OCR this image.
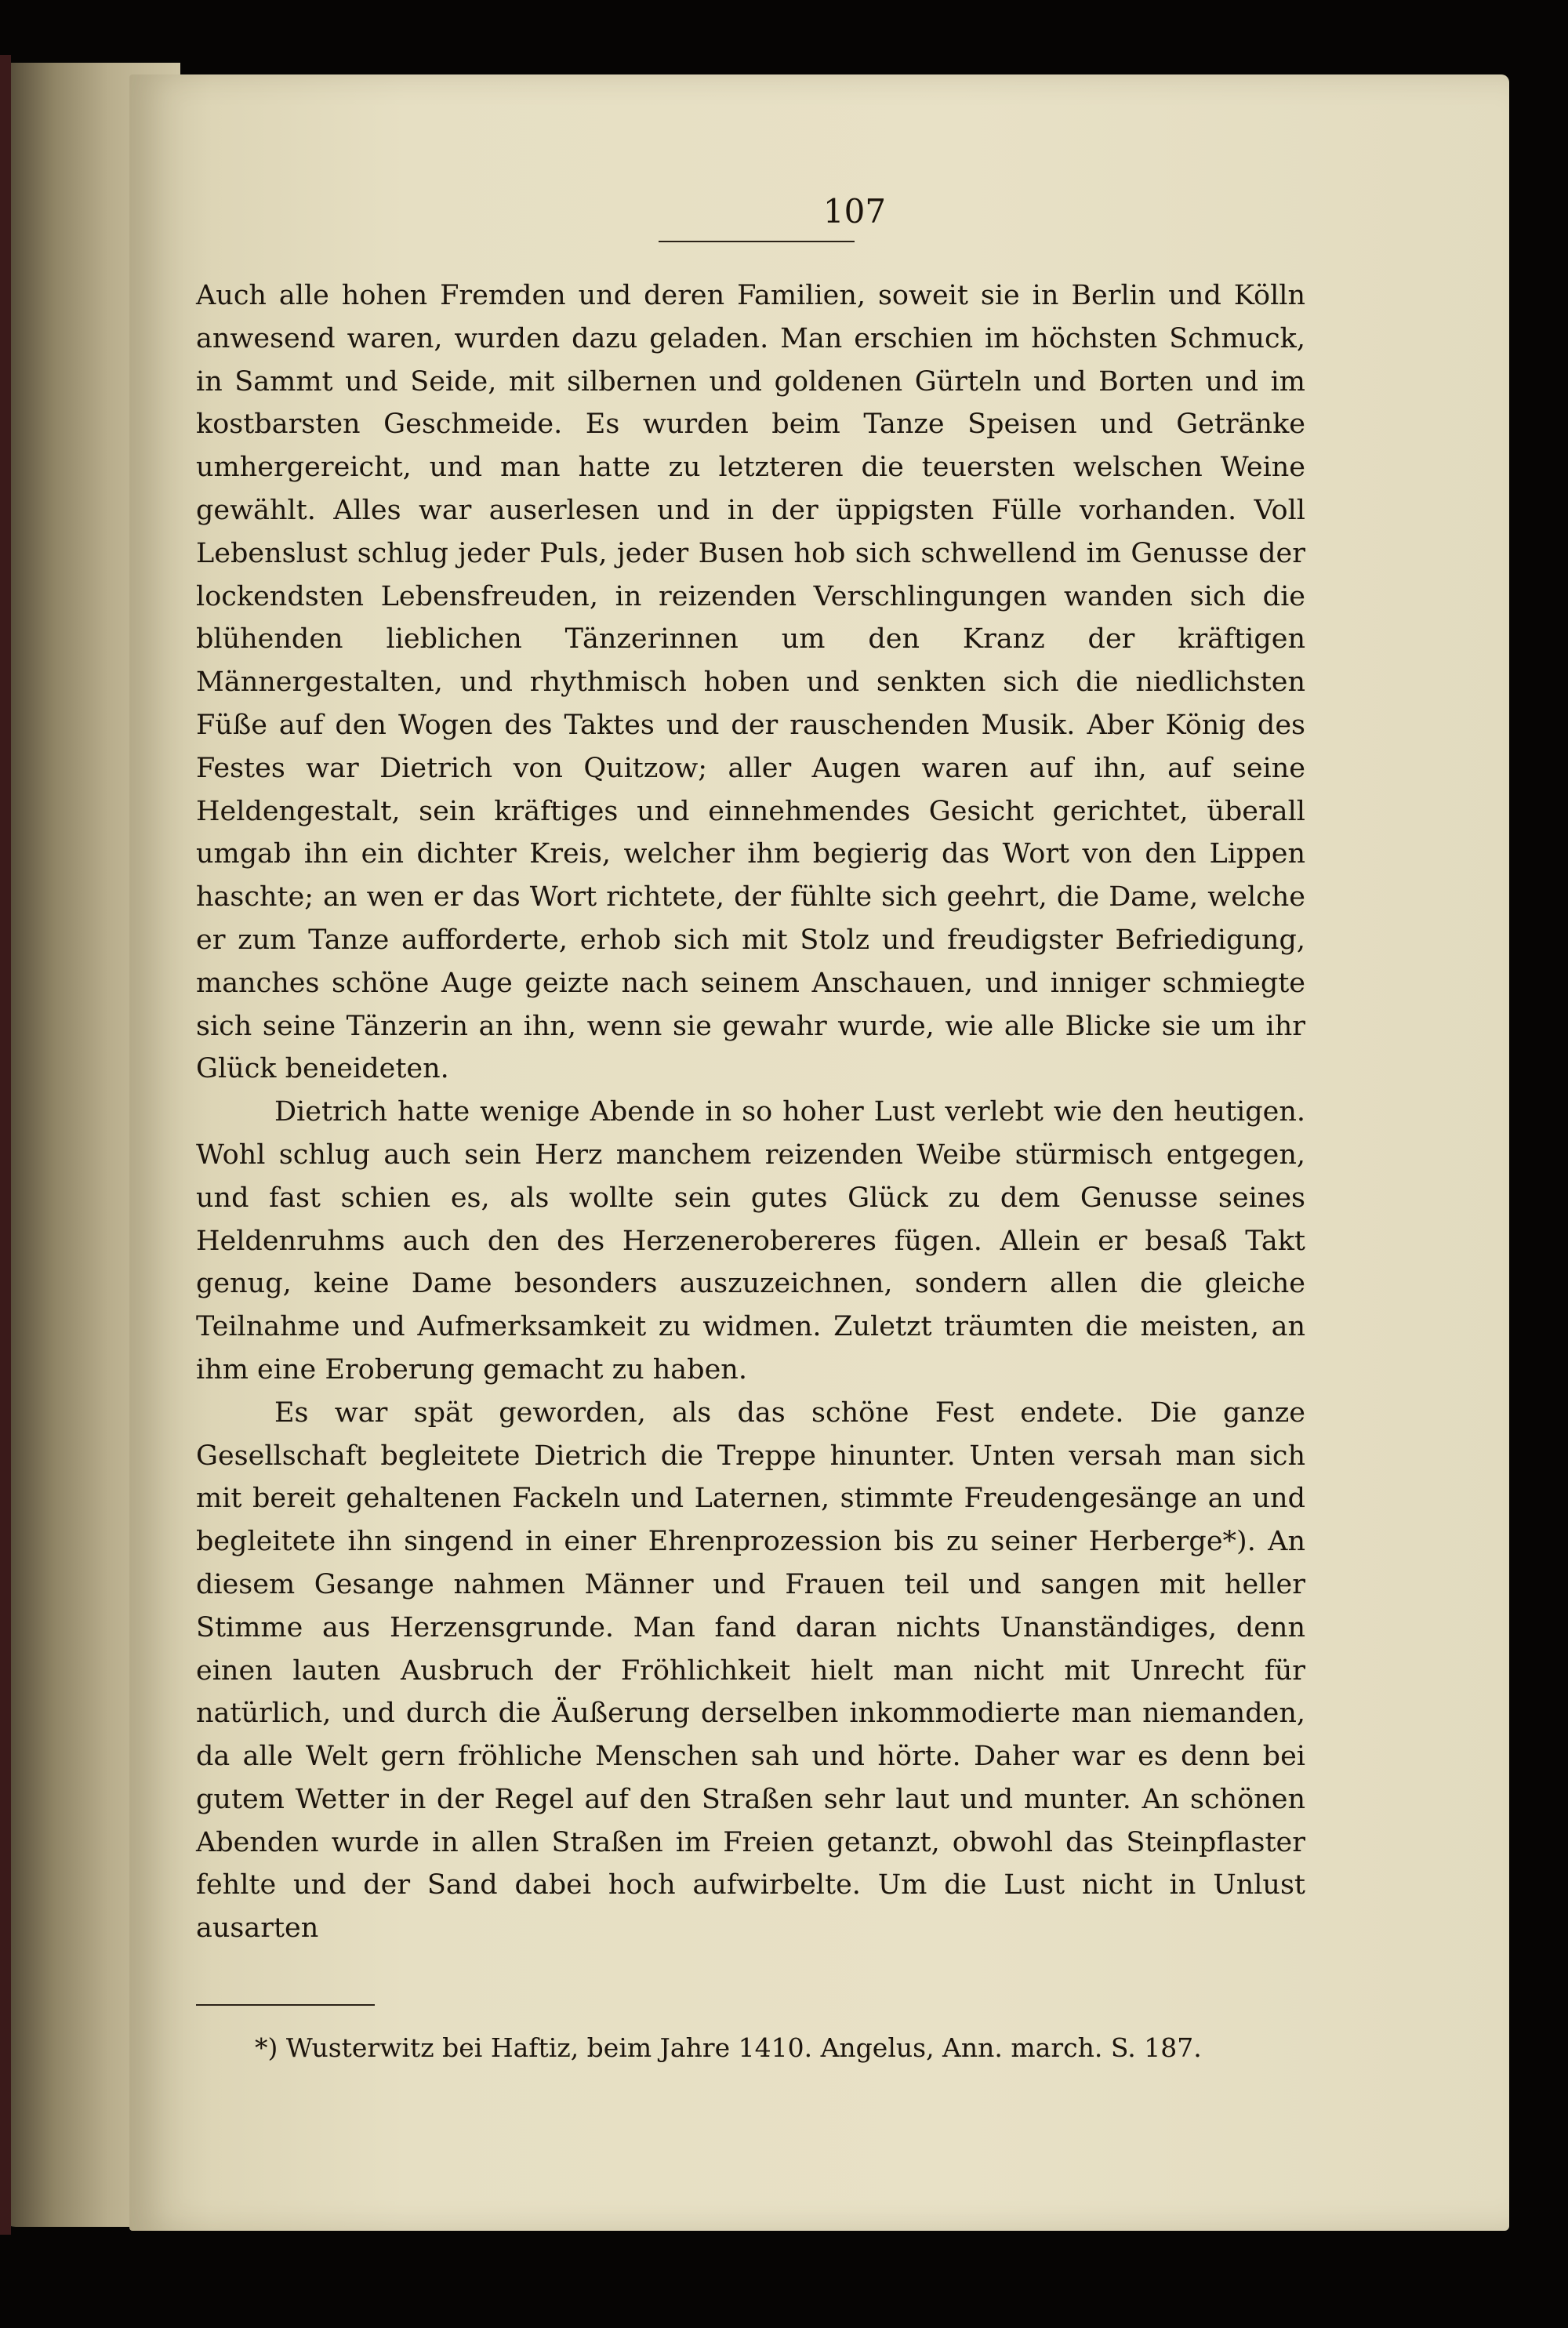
107

Auch alle hohen Fremden und deren Familien, soweit sie in Berlin und Kölln anwesend waren, wurden dazu geladen. Man erschien im höchsten Schmuck, in Sammt und Seide, mit silbernen und goldenen Gürteln und Borten und im kostbarsten Geschmeide. Es wurden beim Tanze Speisen und Getränke umhergereicht, und man hatte zu letzteren die teuersten welschen Weine gewählt. Alles war auserlesen und in der üppigsten Fülle vorhanden. Voll Lebenslust schlug jeder Puls, jeder Busen hob sich schwellend im Genusse der lockendsten Lebensfreuden, in reizenden Verschlingungen wanden sich die blühenden lieblichen Tänzerinnen um den Kranz der kräftigen Männergestalten, und rhythmisch hoben und senkten sich die niedlichsten Füße auf den Wogen des Taktes und der rauschenden Musik. Aber König des Festes war Dietrich von Quitzow; aller Augen waren auf ihn, auf seine Heldengestalt, sein kräftiges und einnehmendes Gesicht gerichtet, überall umgab ihn ein dichter Kreis, welcher ihm begierig das Wort von den Lippen haschte; an wen er das Wort richtete, der fühlte sich geehrt, die Dame, welche er zum Tanze aufforderte, erhob sich mit Stolz und freudigster Befriedigung, manches schöne Auge geizte nach seinem Anschauen, und inniger schmiegte sich seine Tänzerin an ihn, wenn sie gewahr wurde, wie alle Blicke sie um ihr Glück beneideten.

Dietrich hatte wenige Abende in so hoher Lust verlebt wie den heutigen. Wohl schlug auch sein Herz manchem reizenden Weibe stürmisch entgegen, und fast schien es, als wollte sein gutes Glück zu dem Genusse seines Heldenruhms auch den des Herzenerobereres fügen. Allein er besaß Takt genug, keine Dame besonders auszuzeichnen, sondern allen die gleiche Teilnahme und Aufmerksamkeit zu widmen. Zuletzt träumten die meisten, an ihm eine Eroberung gemacht zu haben.

Es war spät geworden, als das schöne Fest endete. Die ganze Gesellschaft begleitete Dietrich die Treppe hinunter. Unten versah man sich mit bereit gehaltenen Fackeln und Laternen, stimmte Freudengesänge an und begleitete ihn singend in einer Ehrenprozession bis zu seiner Herberge*). An diesem Gesange nahmen Männer und Frauen teil und sangen mit heller Stimme aus Herzensgrunde. Man fand daran nichts Unanständiges, denn einen lauten Ausbruch der Fröhlichkeit hielt man nicht mit Unrecht für natürlich, und durch die Äußerung derselben inkommodierte man niemanden, da alle Welt gern fröhliche Menschen sah und hörte. Daher war es denn bei gutem Wetter in der Regel auf den Straßen sehr laut und munter. An schönen Abenden wurde in allen Straßen im Freien getanzt, obwohl das Steinpflaster fehlte und der Sand dabei hoch aufwirbelte. Um die Lust nicht in Unlust ausarten

*) Wusterwitz bei Haftiz, beim Jahre 1410. Angelus, Ann. march. S. 187.
